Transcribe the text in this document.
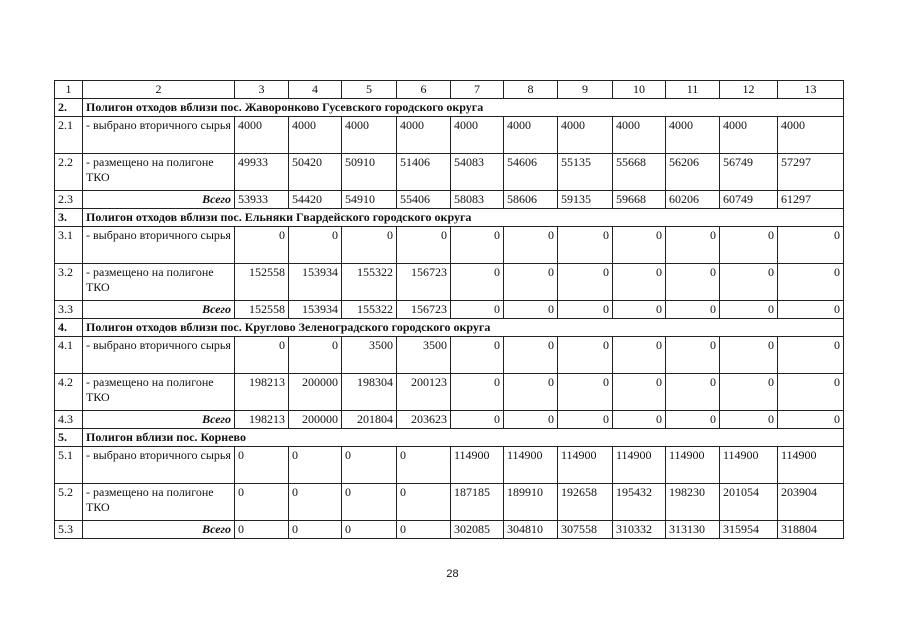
1	2	3	4	5	6	7	8	9	10	11	12	13
2.	Полигон отходов вблизи пос. Жаворонково Гусевского городского округа											
2.1	- выбрано вторичного сырья	4000	4000	4000	4000	4000	4000	4000	4000	4000	4000	4000
2.2	- размещено на полигоне ТКО	49933	50420	50910	51406	54083	54606	55135	55668	56206	56749	57297
2.3	Всего	53933	54420	54910	55406	58083	58606	59135	59668	60206	60749	61297
3.	Полигон отходов вблизи пос. Ельняки Гвардейского городского округа											
3.1	- выбрано вторичного сырья	0	0	0	0	0	0	0	0	0	0	0
3.2	- размещено на полигоне ТКО	152558	153934	155322	156723	0	0	0	0	0	0	0
3.3	Всего	152558	153934	155322	156723	0	0	0	0	0	0	0
4.	Полигон отходов вблизи пос. Круглово Зеленоградского городского округа											
4.1	- выбрано вторичного сырья	0	0	3500	3500	0	0	0	0	0	0	0
4.2	- размещено на полигоне ТКО	198213	200000	198304	200123	0	0	0	0	0	0	0
4.3	Всего	198213	200000	201804	203623	0	0	0	0	0	0	0
5.	Полигон вблизи пос. Корнево											
5.1	- выбрано вторичного сырья	0	0	0	0	114900	114900	114900	114900	114900	114900	114900
5.2	- размещено на полигоне ТКО	0	0	0	0	187185	189910	192658	195432	198230	201054	203904
5.3	Всего	0	0	0	0	302085	304810	307558	310332	313130	315954	318804
28
